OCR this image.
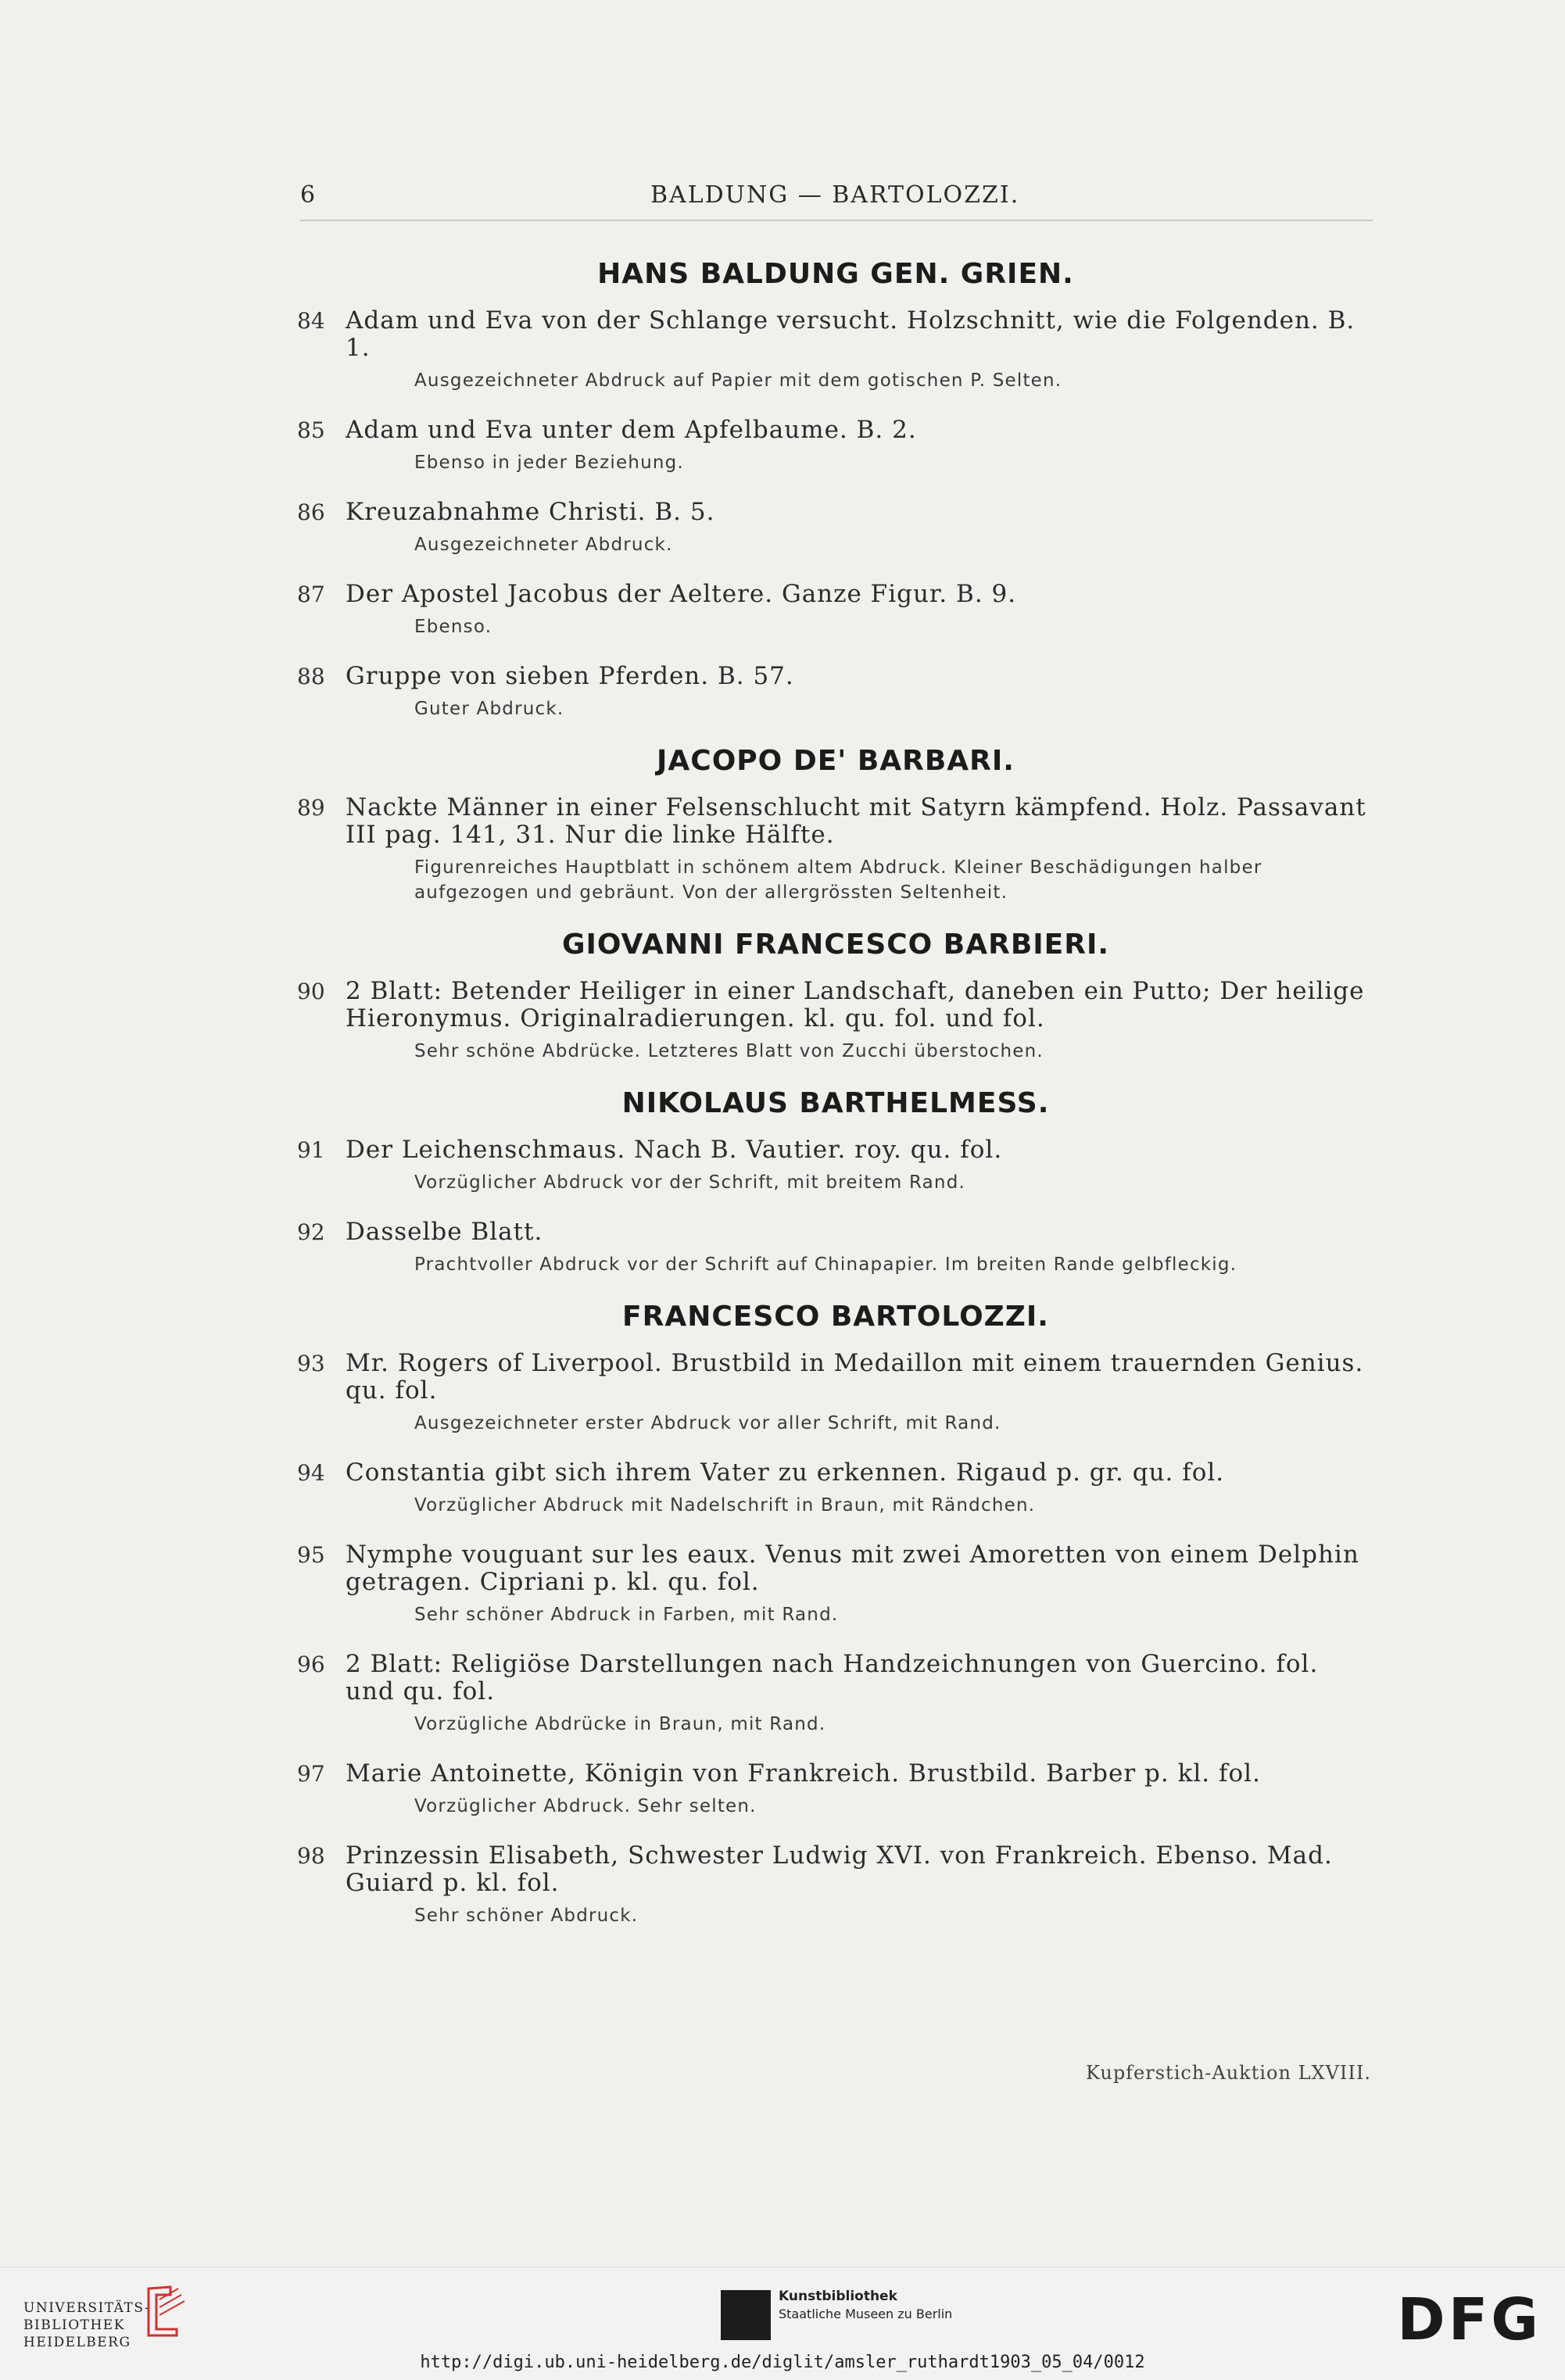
6	BALDUNG — BARTOLOZZI.
HANS BALDUNG GEN. GRIEN.
84 Adam und Eva von der Schlange versucht. Holzschnitt, wie die Folgenden. B. 1.
Ausgezeichneter Abdruck auf Papier mit dem gotischen P. Selten.
85 Adam und Eva unter dem Apfelbaume. B. 2.
Ebenso in jeder Beziehung.
86 Kreuzabnahme Christi. B. 5.
Ausgezeichneter Abdruck.
87 Der Apostel Jacobus der Aeltere. Ganze Figur. B. 9.
Ebenso.
88 Gruppe von sieben Pferden. B. 57.
Guter Abdruck.
JACOPO DE' BARBARI.
89 Nackte Männer in einer Felsenschlucht mit Satyrn kämpfend. Holz. Passavant III pag. 141, 31. Nur die linke Hälfte.
Figurenreiches Hauptblatt in schönem altem Abdruck. Kleiner Beschädigungen halber aufgezogen und gebräunt. Von der allergrössten Seltenheit.
GIOVANNI FRANCESCO BARBIERI.
90 2 Blatt: Betender Heiliger in einer Landschaft, daneben ein Putto; Der heilige Hieronymus. Originalradierungen. kl. qu. fol. und fol.
Sehr schöne Abdrücke. Letzteres Blatt von Zucchi überstochen.
NIKOLAUS BARTHELMESS.
91 Der Leichenschmaus. Nach B. Vautier. roy. qu. fol.
Vorzüglicher Abdruck vor der Schrift, mit breitem Rand.
92 Dasselbe Blatt.
Prachtvoller Abdruck vor der Schrift auf Chinapapier. Im breiten Rande gelbfleckig.
FRANCESCO BARTOLOZZI.
93 Mr. Rogers of Liverpool. Brustbild in Medaillon mit einem trauernden Genius. qu. fol.
Ausgezeichneter erster Abdruck vor aller Schrift, mit Rand.
94 Constantia gibt sich ihrem Vater zu erkennen. Rigaud p. gr. qu. fol.
Vorzüglicher Abdruck mit Nadelschrift in Braun, mit Rändchen.
95 Nymphe vouguant sur les eaux. Venus mit zwei Amoretten von einem Delphin getragen. Cipriani p. kl. qu. fol.
Sehr schöner Abdruck in Farben, mit Rand.
96 2 Blatt: Religiöse Darstellungen nach Handzeichnungen von Guercino. fol. und qu. fol.
Vorzügliche Abdrücke in Braun, mit Rand.
97 Marie Antoinette, Königin von Frankreich. Brustbild. Barber p. kl. fol.
Vorzüglicher Abdruck. Sehr selten.
98 Prinzessin Elisabeth, Schwester Ludwig XVI. von Frankreich. Ebenso. Mad. Guiard p. kl. fol.
Sehr schöner Abdruck.
Kupferstich-Auktion LXVIII.
UNIVERSITÄTS-
BIBLIOTHEK
HEIDELBERG
Kunstbibliothek
Staatliche Museen zu Berlin	DFG
http://digi.ub.uni-heidelberg.de/diglit/amsler_ruthardt1903_05_04/0012
